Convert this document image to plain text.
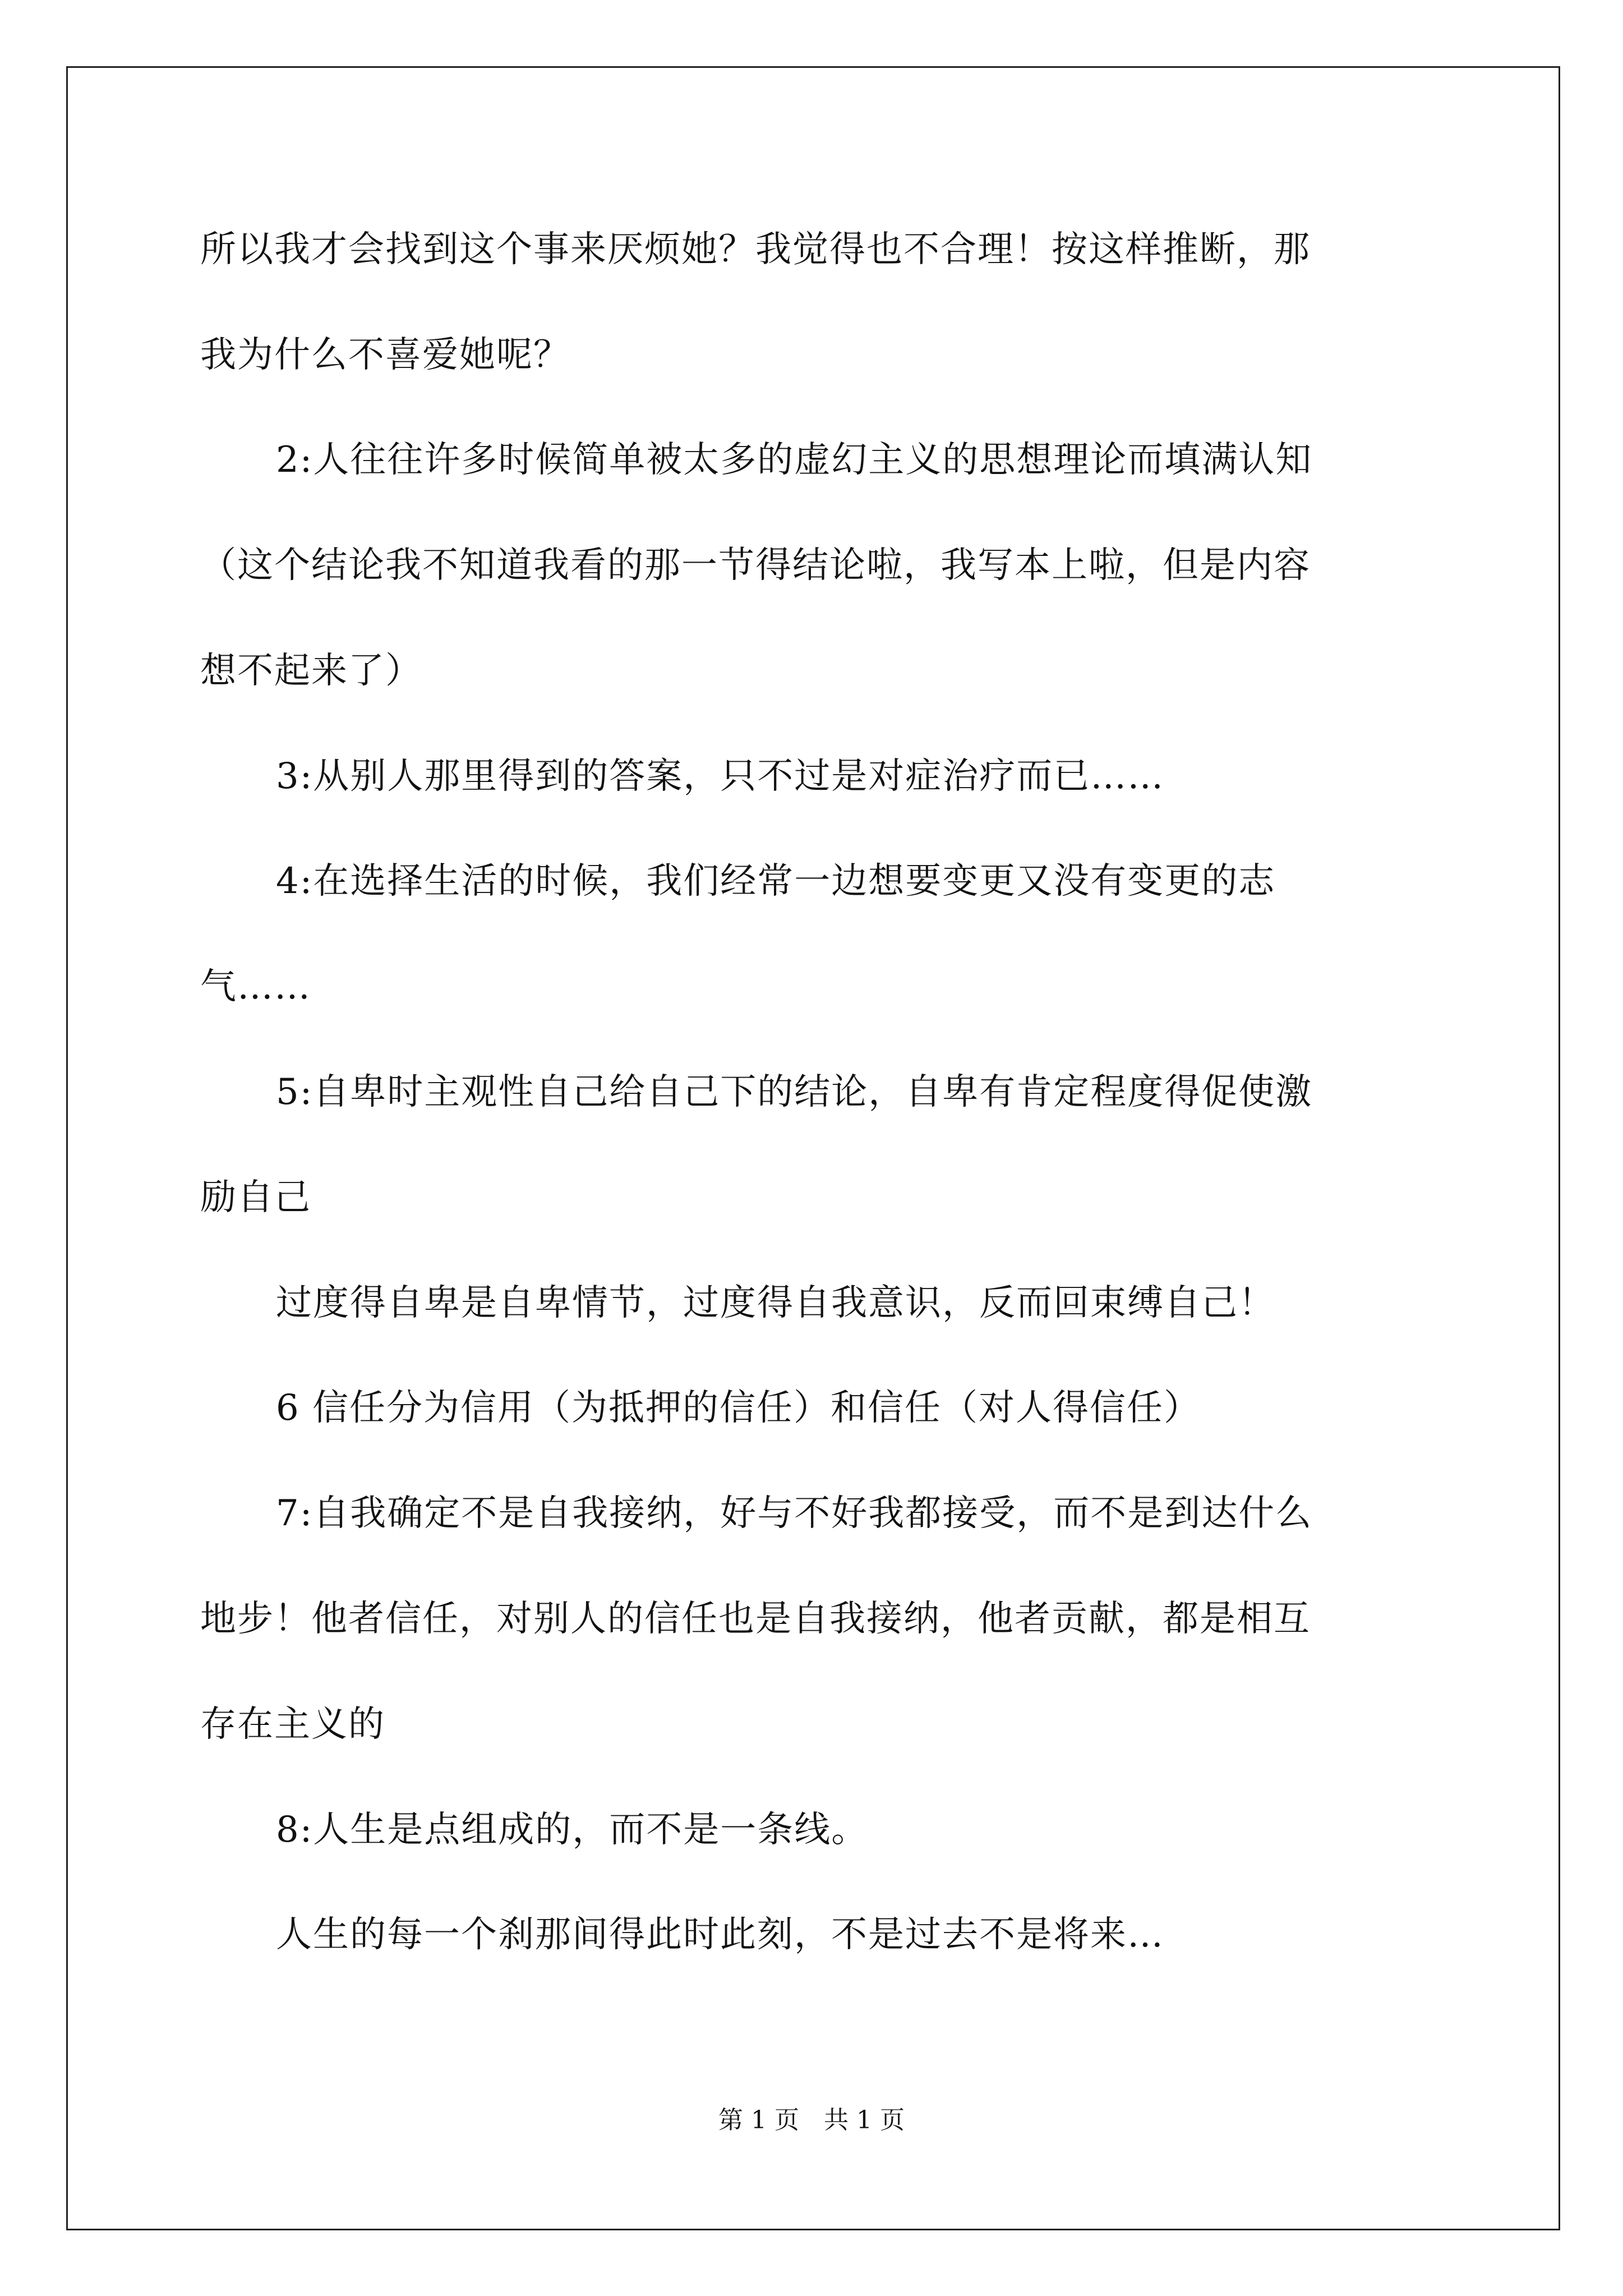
所以我才会找到这个事来厌烦她？我觉得也不合理！按这样推断，那
我为什么不喜爱她呢？
2:人往往许多时候简单被太多的虚幻主义的思想理论而填满认知
（这个结论我不知道我看的那一节得结论啦，我写本上啦，但是内容
想不起来了）
3:从别人那里得到的答案，只不过是对症治疗而已……
4:在选择生活的时候，我们经常一边想要变更又没有变更的志
气……
5:自卑时主观性自己给自己下的结论，自卑有肯定程度得促使激
励自己
过度得自卑是自卑情节，过度得自我意识，反而回束缚自己！
6 信任分为信用（为抵押的信任）和信任（对人得信任）
7:自我确定不是自我接纳，好与不好我都接受，而不是到达什么
地步！他者信任，对别人的信任也是自我接纳，他者贡献，都是相互
存在主义的
8:人生是点组成的，而不是一条线。
人生的每一个刹那间得此时此刻，不是过去不是将来…
第 1 页　共 1 页
